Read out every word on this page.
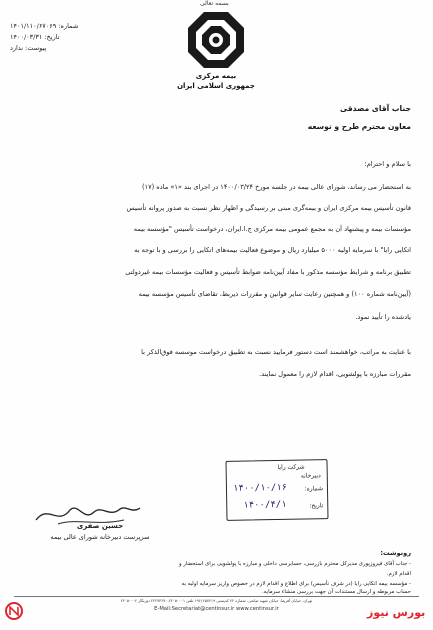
بسمه تعالی
شماره: ۱۴۰۱/۱۱۰/۶۷۰۶۹
تاریخ: ۱۴۰۰/۰۳/۳۱
پیوست: ندارد
بیمه مرکزی
جمهوری اسلامی ایران
جناب آقای مصدقی
معاون محترم طرح و توسعه
با سلام و احترام؛
به استحضار می رساند، شورای عالی بیمه در جلسه مورخ ۱۴۰۰/۰۳/۲۴ در اجرای بند «۱» ماده (۱۷)
قانون تأسیس بیمه مرکزی ایران و بیمه‌گری مبنی بر رسیدگی و اظهار نظر نسبت به صدور پروانه تأسیس
مؤسسات بیمه و پیشنهاد آن به مجمع عمومی بیمه مرکزی ج.ا.ایران، درخواست تأسیس "مؤسسه بیمه
اتکایی رایا" با سرمایه اولیه ۵۰۰۰ میلیارد ریال و موضوع فعالیت بیمه‌های اتکایی را بررسی و با توجه به
تطبیق برنامه و شرایط مؤسسه مذکور با مفاد آیین‌نامه ضوابط تأسیس و فعالیت مؤسسات بیمه غیردولتی
(آیین‌نامه شماره ۱۰۰) و همچنین رعایت سایر قوانین و مقررات ذیربط، تقاضای تأسیس مؤسسه بیمه
یادشده را تأیید نمود.
با عنایت به مراتب، خواهشمند است دستور فرمایید نسبت به تطبیق درخواست موسسه فوق‌الذکر با
مقررات مبارزه با پولشویی، اقدام لازم را معمول نمایند.
شرکت رایا
دبیرخانه
شماره:
۱۴۰۰/۱۰/۱۶
تاریخ:
۱۴۰۰/۴/۱
حسین صفری
سرپرست دبیرخانه شورای عالی بیمه
رونوشت:
- جناب آقای فیروزپوری مدیرکل محترم بازرسی، حسابرسی داخلی و مبارزه با پولشویی برای استحضار و
اقدام لازم.
- مؤسسه بیمه اتکایی رایا (در شرف تأسیس) برای اطلاع و اقدام لازم در خصوص واریز سرمایه اولیه به
حساب مربوطه و ارسال مستندات آن جهت بررسی منشاء سرمایه.
تهران، خیابان آفریقا، خیابان شهید صانعی، شماره ۴۲ کدپستی ۱۹۶۱۶۵۷۶۱۹ تلفن ۲۲۰۵۰۰۰۱-۲۲۲۷۳۶۷۰ دورنگار ۲۲۰۵۰۰۰۲
E-Mail:Secretariat@centinsur.ir www.centinsur.ir	بورس نیوز
